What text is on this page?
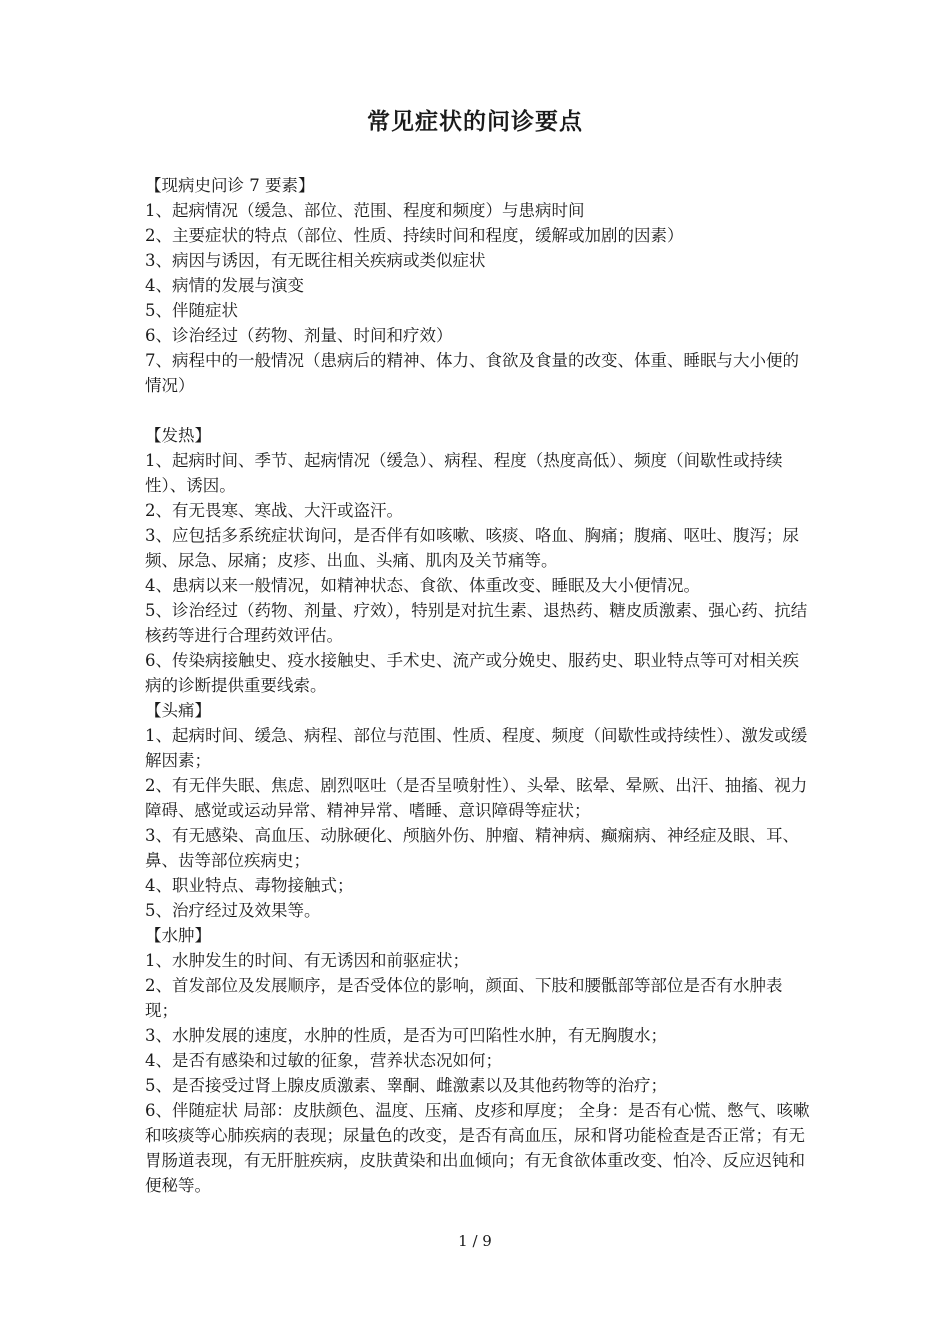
常见症状的问诊要点

【现病史问诊 7 要素】

1、起病情况（缓急、部位、范围、程度和频度）与患病时间

2、主要症状的特点（部位、性质、持续时间和程度，缓解或加剧的因素）

3、病因与诱因，有无既往相关疾病或类似症状

4、病情的发展与演变

5、伴随症状

6、诊治经过（药物、剂量、时间和疗效）

7、病程中的一般情况（患病后的精神、体力、食欲及食量的改变、体重、睡眠与大小便的情况）

【发热】

1、起病时间、季节、起病情况（缓急）、病程、程度（热度高低）、频度（间歇性或持续性）、诱因。

2、有无畏寒、寒战、大汗或盗汗。

3、应包括多系统症状询问，是否伴有如咳嗽、咳痰、咯血、胸痛；腹痛、呕吐、腹泻；尿频、尿急、尿痛；皮疹、出血、头痛、肌肉及关节痛等。

4、患病以来一般情况，如精神状态、食欲、体重改变、睡眠及大小便情况。

5、诊治经过（药物、剂量、疗效），特别是对抗生素、退热药、糖皮质激素、强心药、抗结核药等进行合理药效评估。

6、传染病接触史、疫水接触史、手术史、流产或分娩史、服药史、职业特点等可对相关疾病的诊断提供重要线索。

【头痛】

1、起病时间、缓急、病程、部位与范围、性质、程度、频度（间歇性或持续性）、激发或缓解因素；

2、有无伴失眠、焦虑、剧烈呕吐（是否呈喷射性）、头晕、眩晕、晕厥、出汗、抽搐、视力障碍、感觉或运动异常、精神异常、嗜睡、意识障碍等症状；

3、有无感染、高血压、动脉硬化、颅脑外伤、肿瘤、精神病、癫痫病、神经症及眼、耳、鼻、齿等部位疾病史；

4、职业特点、毒物接触式；

5、治疗经过及效果等。

【水肿】

1、水肿发生的时间、有无诱因和前驱症状；

2、首发部位及发展顺序，是否受体位的影响，颜面、下肢和腰骶部等部位是否有水肿表现；

3、水肿发展的速度，水肿的性质，是否为可凹陷性水肿，有无胸腹水；

4、是否有感染和过敏的征象，营养状态况如何；

5、是否接受过肾上腺皮质激素、睾酮、雌激素以及其他药物等的治疗；

6、伴随症状 局部：皮肤颜色、温度、压痛、皮疹和厚度； 全身：是否有心慌、憋气、咳嗽和咳痰等心肺疾病的表现；尿量色的改变，是否有高血压，尿和肾功能检查是否正常；有无胃肠道表现，有无肝脏疾病，皮肤黄染和出血倾向；有无食欲体重改变、怕冷、反应迟钝和便秘等。

1 / 9
